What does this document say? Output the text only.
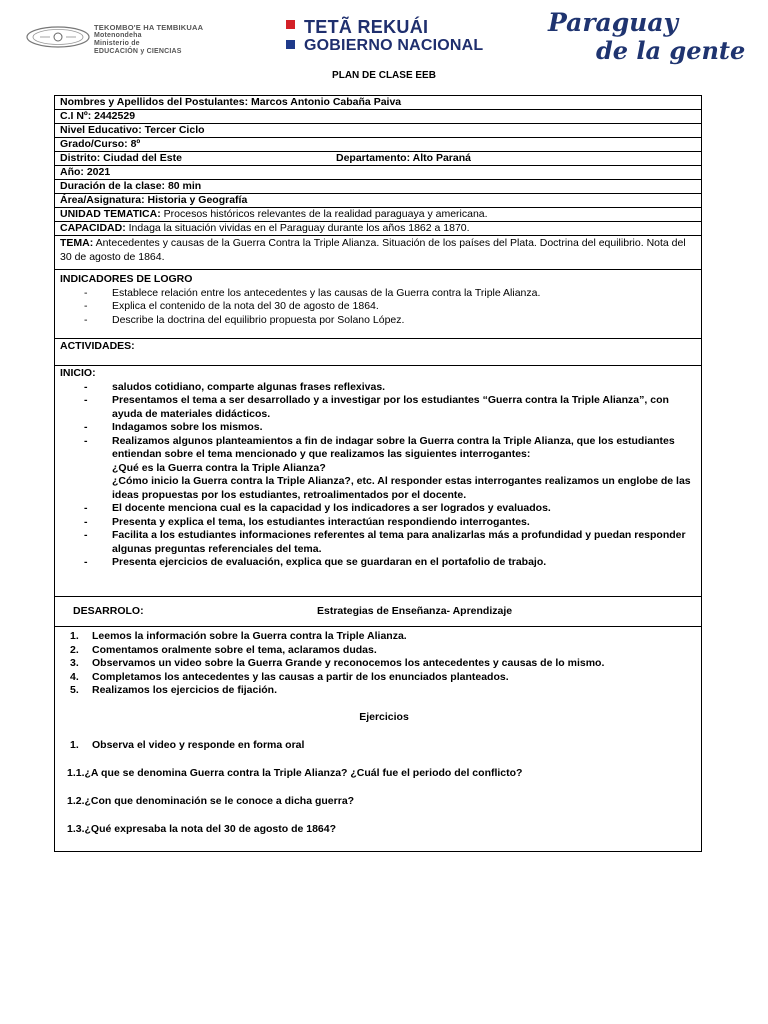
TEKOMBO'E HA TEMBIKUAA
Motenondeha
Ministerio de
EDUCACIÓN y CIENCIAS
TETÃ REKUÁI
GOBIERNO NACIONAL
Paraguay
de la gente
PLAN DE CLASE EEB
Nombres y Apellidos del Postulantes: Marcos Antonio Cabaña Paiva
C.I Nº: 2442529
Nivel Educativo: Tercer Ciclo
Grado/Curso: 8º
Distrito: Ciudad del Este	Departamento: Alto Paraná
Año: 2021
Duración de la clase: 80 min
Área/Asignatura: Historia y Geografía
UNIDAD TEMATICA: Procesos históricos relevantes de la realidad paraguaya y americana.
CAPACIDAD: Indaga la situación vividas en el Paraguay durante los años 1862 a 1870.
TEMA: Antecedentes y causas de la Guerra Contra la Triple Alianza. Situación de los países del Plata. Doctrina del equilibrio. Nota del 30 de agosto de 1864.
INDICADORES DE LOGRO
- Establece relación entre los antecedentes y las causas de la Guerra contra la Triple Alianza.
- Explica el contenido de la nota del 30 de agosto de 1864.
- Describe la doctrina del equilibrio propuesta por Solano López.
ACTIVIDADES:
INICIO:
- saludos cotidiano, comparte algunas frases reflexivas.
- Presentamos el tema a ser desarrollado y a investigar por los estudiantes “Guerra contra la Triple Alianza”, con ayuda de materiales didácticos.
- Indagamos sobre los mismos.
- Realizamos algunos planteamientos a fin de indagar sobre la Guerra contra la Triple Alianza, que los estudiantes entiendan sobre el tema mencionado y que realizamos las siguientes interrogantes:
¿Qué es la Guerra contra la Triple Alianza?
¿Cómo inicio la Guerra contra la Triple Alianza?, etc. Al responder estas interrogantes realizamos un englobe de las ideas propuestas por los estudiantes, retroalimentados por el docente.
- El docente menciona cual es la capacidad y los indicadores a ser logrados y evaluados.
- Presenta y explica el tema, los estudiantes interactúan respondiendo interrogantes.
- Facilita a los estudiantes informaciones referentes al tema para analizarlas más a profundidad y puedan responder algunas preguntas referenciales del tema.
- Presenta ejercicios de evaluación, explica que se guardaran en el portafolio de trabajo.
DESARROLO:	Estrategias de Enseñanza- Aprendizaje
1. Leemos la información sobre la Guerra contra la Triple Alianza.
2. Comentamos oralmente sobre el tema, aclaramos dudas.
3. Observamos un video sobre la Guerra Grande y reconocemos los antecedentes y causas de lo mismo.
4. Completamos los antecedentes y las causas a partir de los enunciados planteados.
5. Realizamos los ejercicios de fijación.
Ejercicios
1. Observa el video y responde en forma oral
1.1.¿A que se denomina Guerra contra la Triple Alianza? ¿Cuál fue el periodo del conflicto?
1.2.¿Con que denominación se le conoce a dicha guerra?
1.3.¿Qué expresaba la nota del 30 de agosto de 1864?
